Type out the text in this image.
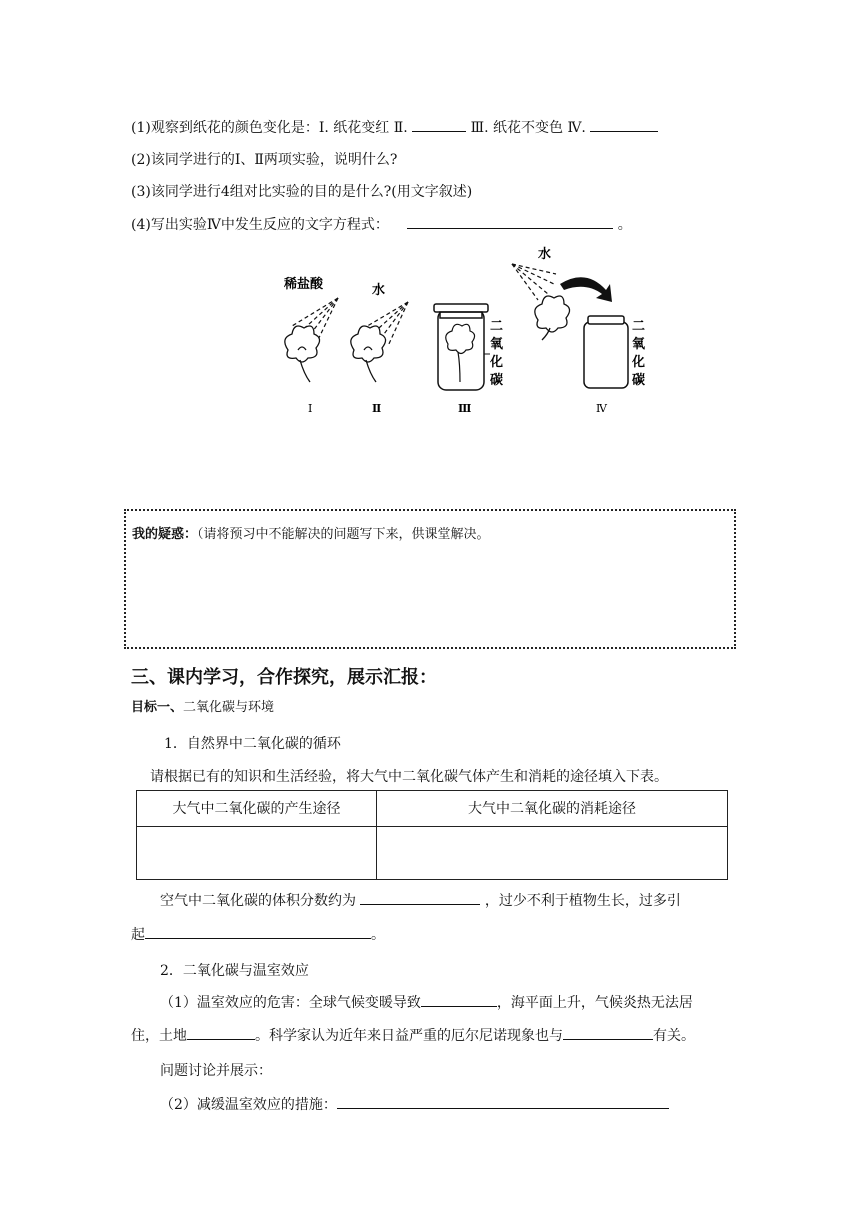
(1)观察到纸花的颜色变化是：Ⅰ. 纸花变红 Ⅱ.	Ⅲ. 纸花不变色 Ⅳ.
(2)该同学进行的Ⅰ、Ⅱ两项实验，说明什么?
(3)该同学进行4组对比实验的目的是什么?(用文字叙述)
(4)写出实验Ⅳ中发生反应的文字方程式：	。
稀盐酸
Ⅰ
水
Ⅱ
二
氧
化
碳
Ⅲ
水
二
氧
化
碳
Ⅳ
我的疑惑：（请将预习中不能解决的问题写下来，供课堂解决。
三、课内学习，合作探究，展示汇报：
目标一、二氧化碳与环境
1．自然界中二氧化碳的循环
请根据已有的知识和生活经验，将大气中二氧化碳气体产生和消耗的途径填入下表。
大气中二氧化碳的产生途径	大气中二氧化碳的消耗途径
空气中二氧化碳的体积分数约为	，过少不利于植物生长，过多引
起	。
2．二氧化碳与温室效应
（1）温室效应的危害：全球气候变暖导致	，海平面上升，气候炎热无法居
住，土地	。科学家认为近年来日益严重的厄尔尼诺现象也与	有关。
问题讨论并展示：
（2）减缓温室效应的措施：
